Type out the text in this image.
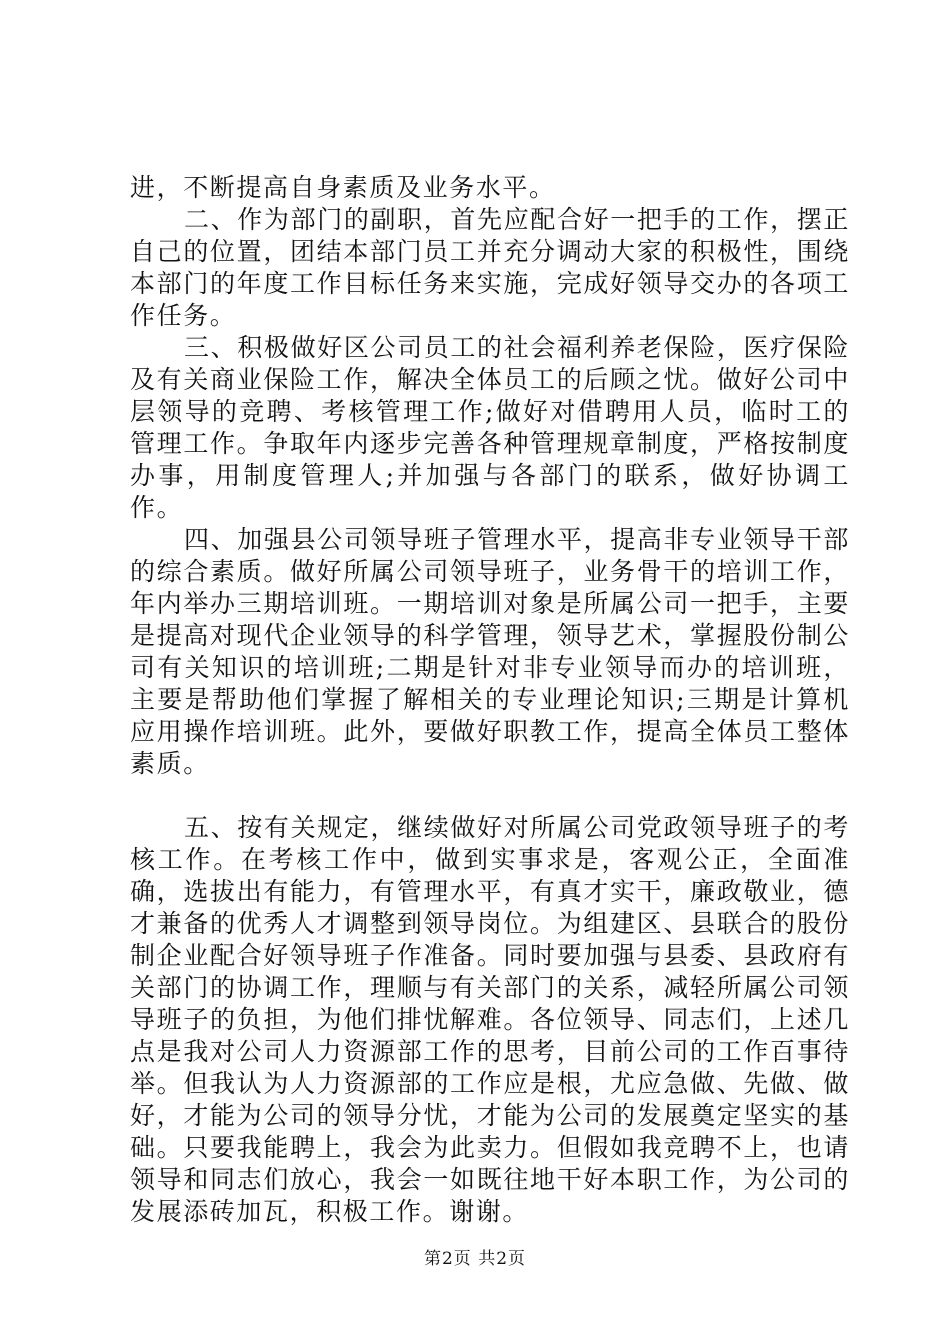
进，不断提高自身素质及业务水平。

二、作为部门的副职，首先应配合好一把手的工作，摆正自己的位置，团结本部门员工并充分调动大家的积极性，围绕本部门的年度工作目标任务来实施，完成好领导交办的各项工作任务。

三、积极做好区公司员工的社会福利养老保险，医疗保险及有关商业保险工作，解决全体员工的后顾之忧。做好公司中层领导的竞聘、考核管理工作;做好对借聘用人员，临时工的管理工作。争取年内逐步完善各种管理规章制度，严格按制度办事，用制度管理人;并加强与各部门的联系，做好协调工作。

四、加强县公司领导班子管理水平，提高非专业领导干部的综合素质。做好所属公司领导班子，业务骨干的培训工作，年内举办三期培训班。一期培训对象是所属公司一把手，主要是提高对现代企业领导的科学管理，领导艺术，掌握股份制公司有关知识的培训班;二期是针对非专业领导而办的培训班，主要是帮助他们掌握了解相关的专业理论知识;三期是计算机应用操作培训班。此外，要做好职教工作，提高全体员工整体素质。

五、按有关规定，继续做好对所属公司党政领导班子的考核工作。在考核工作中，做到实事求是，客观公正，全面准确，选拔出有能力，有管理水平，有真才实干，廉政敬业，德才兼备的优秀人才调整到领导岗位。为组建区、县联合的股份制企业配合好领导班子作准备。同时要加强与县委、县政府有关部门的协调工作，理顺与有关部门的关系，减轻所属公司领导班子的负担，为他们排忧解难。各位领导、同志们，上述几点是我对公司人力资源部工作的思考，目前公司的工作百事待举。但我认为人力资源部的工作应是根，尤应急做、先做、做好，才能为公司的领导分忧，才能为公司的发展奠定坚实的基础。只要我能聘上，我会为此卖力。但假如我竞聘不上，也请领导和同志们放心，我会一如既往地干好本职工作，为公司的发展添砖加瓦，积极工作。谢谢。

第2页 共2页
